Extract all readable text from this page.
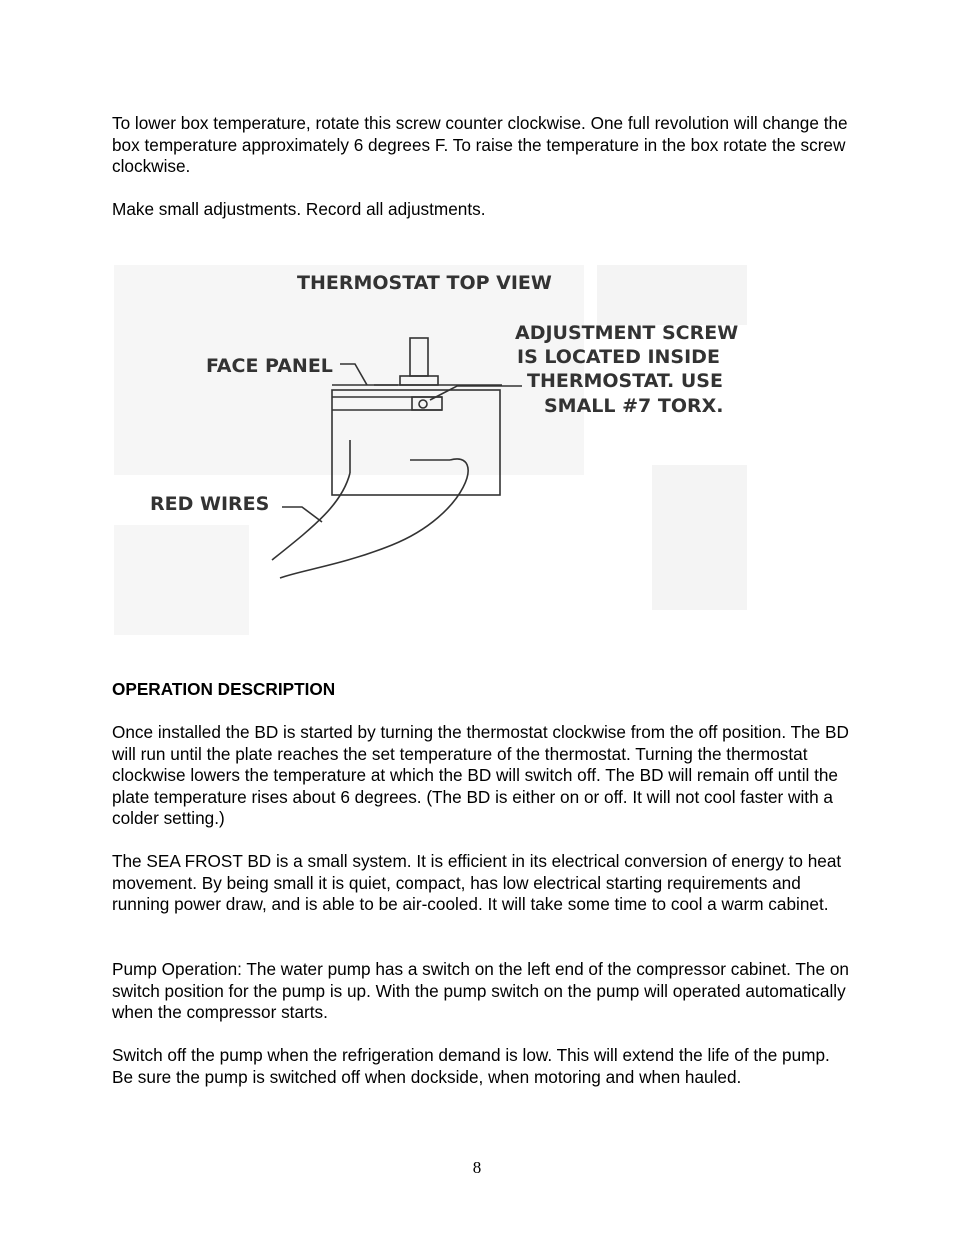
To lower box temperature, rotate this screw counter clockwise. One full revolution will change the box temperature approximately 6 degrees F. To raise the temperature in the box rotate the screw clockwise.

Make small adjustments. Record all adjustments.

THERMOSTAT TOP VIEW
FACE PANEL
RED WIRES
ADJUSTMENT SCREW
IS LOCATED INSIDE
THERMOSTAT. USE
SMALL #7 TORX.

OPERATION DESCRIPTION

Once installed the BD is started by turning the thermostat clockwise from the off position. The BD will run until the plate reaches the set temperature of the thermostat. Turning the thermostat clockwise lowers the temperature at which the BD will switch off. The BD will remain off until the plate temperature rises about 6 degrees. (The BD is either on or off. It will not cool faster with a colder setting.)

The SEA FROST BD is a small system. It is efficient in its electrical conversion of energy to heat movement. By being small it is quiet, compact, has low electrical starting requirements and running power draw, and is able to be air-cooled. It will take some time to cool a warm cabinet.

Pump Operation: The water pump has a switch on the left end of the compressor cabinet. The on switch position for the pump is up. With the pump switch on the pump will operated automatically when the compressor starts.

Switch off the pump when the refrigeration demand is low. This will extend the life of the pump. Be sure the pump is switched off when dockside, when motoring and when hauled.

8
